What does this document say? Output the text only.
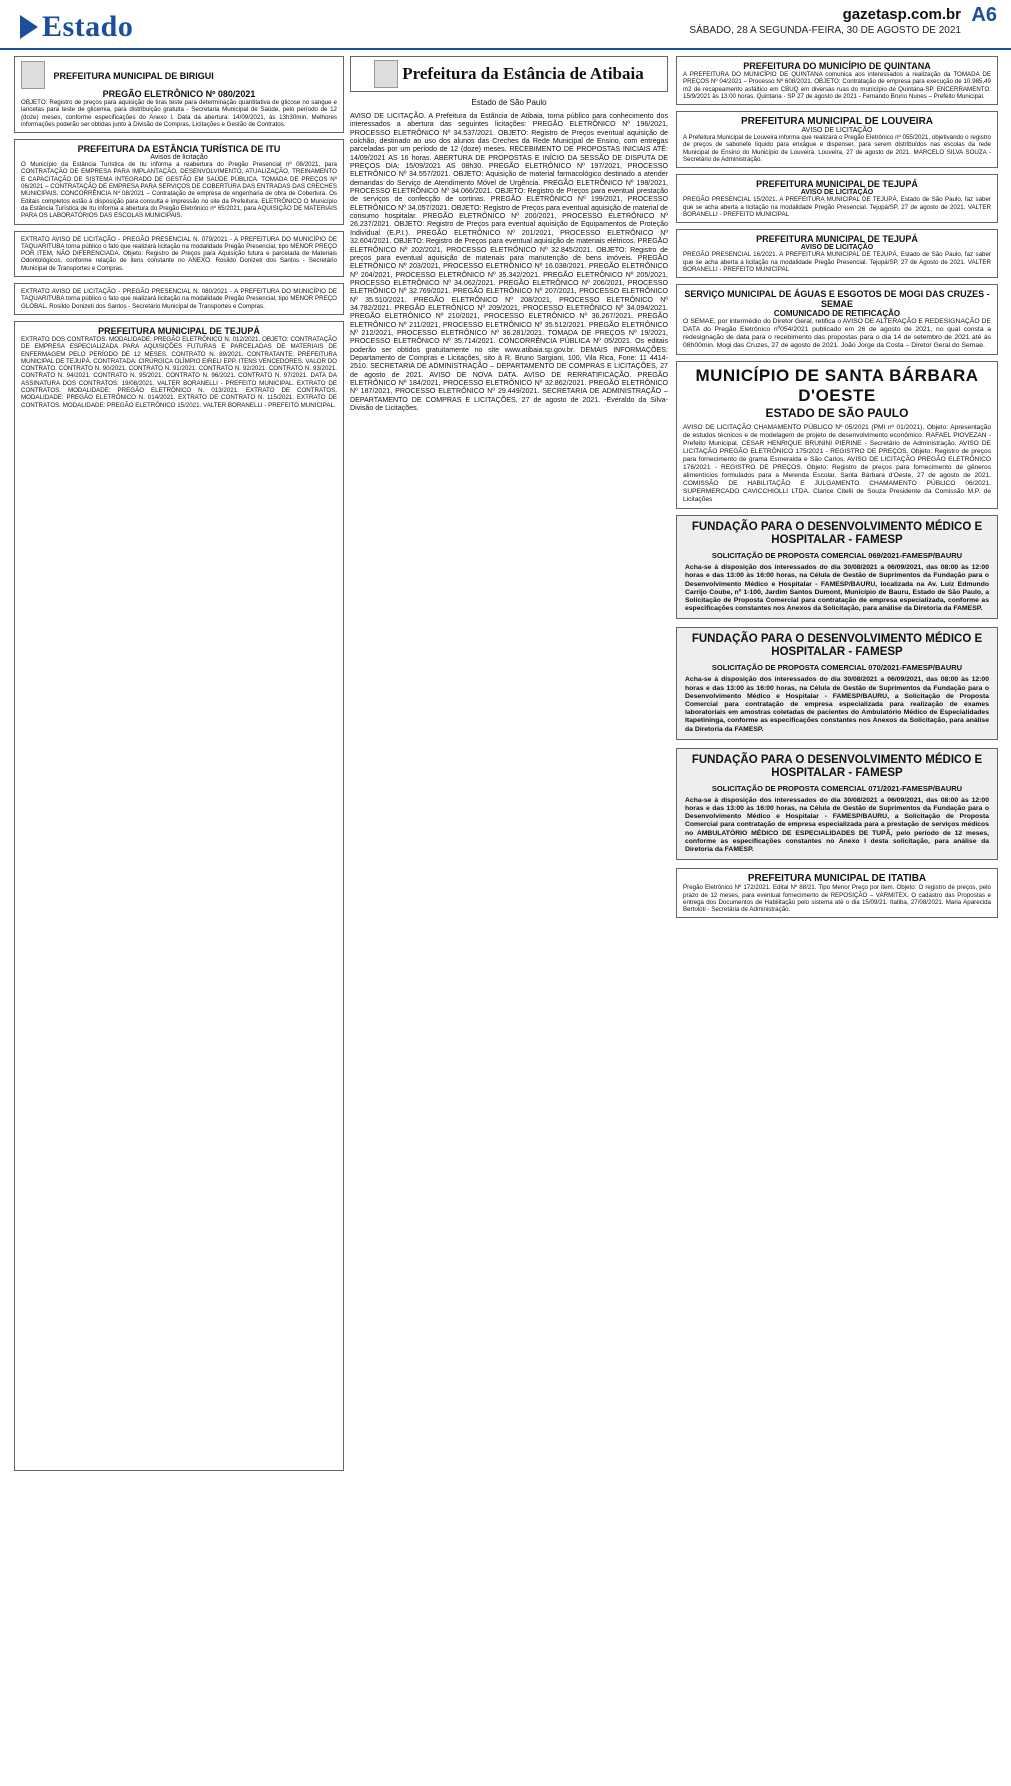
Estado	gazetasp.com.br
SÁBADO, 28 A SEGUNDA-FEIRA, 30 DE AGOSTO DE 2021
A6
PREFEITURA MUNICIPAL DE BIRIGUI
PREGÃO ELETRÔNICO Nº 080/2021
OBJETO: Registro de preços para aquisição de tiras teste para determinação quantitativa de glicose no sangue e lancetas para teste de glicemia, para distribuição gratuita - Secretaria Municipal de Saúde, pelo período de 12 (doze) meses, conforme especificações do Anexo I. Data da abertura: 14/09/2021, às 13h30min. Melhores informações poderão ser obtidas junto à Divisão de Compras, Licitações e Gestão de Contratos.
PREFEITURA DA ESTÂNCIA TURÍSTICA DE ITU
Avisos de licitação
O Município da Estância Turística de Itu informa a reabertura do Pregão Presencial nº 08/2021, para CONTRATAÇÃO DE EMPRESA PARA IMPLANTAÇÃO, DESENVOLVIMENTO, ATUALIZAÇÃO, TREINAMENTO E CAPACITAÇÃO DE SISTEMA INTEGRADO DE GESTÃO EM SAÚDE PÚBLICA. TOMADA DE PREÇOS Nº 06/2021 – CONTRATAÇÃO DE EMPRESA PARA SERVIÇOS DE COBERTURA DAS ENTRADAS DAS CRECHES MUNICIPAIS. CONCORRÊNCIA Nº 08/2021 – Contratação de empresa de engenharia de obra de Cobertura. Os Editais completos estão à disposição para consulta e impressão no site da Prefeitura. ELETRÔNICO O Município da Estância Turística de Itu informa a abertura do Pregão Eletrônico nº 65/2021, para AQUISIÇÃO DE MATERIAIS PARA OS LABORATÓRIOS DAS ESCOLAS MUNICIPAIS.
EXTRATO AVISO DE LICITAÇÃO - PREGÃO PRESENCIAL N. 079/2021 - A PREFEITURA DO MUNICÍPIO DE TAQUARITUBA torna público o fato que realizará licitação na modalidade Pregão Presencial, tipo MENOR PREÇO POR ITEM, NÃO DIFERENCIADA. Objeto: Registro de Preços para Aquisição futura e parcelada de Materiais Odontológicos, conforme relação de itens constante no ANEXO. Rosildo Donizeti dos Santos - Secretário Municipal de Transportes e Compras.
EXTRATO AVISO DE LICITAÇÃO - PREGÃO PRESENCIAL N. 080/2021 - A PREFEITURA DO MUNICÍPIO DE TAQUARITUBA torna público o fato que realizará licitação na modalidade Pregão Presencial, tipo MENOR PREÇO GLOBAL. Rosildo Donizeti dos Santos - Secretário Municipal de Transportes e Compras.
PREFEITURA MUNICIPAL DE TEJUPÁ
EXTRATO DOS CONTRATOS. MODALIDADE: PREGÃO ELETRÔNICO N. 012/2021. OBJETO: CONTRATAÇÃO DE EMPRESA ESPECIALIZADA PARA AQUISIÇÕES FUTURAS E PARCELADAS DE MATERIAIS DE ENFERMAGEM PELO PERÍODO DE 12 MESES. CONTRATO N. 89/2021. CONTRATANTE: PREFEITURA MUNICIPAL DE TEJUPÁ. CONTRATADA: CIRÚRGICA OLÍMPIO EIRELI EPP. ITENS VENCEDORES. VALOR DO CONTRATO. CONTRATO N. 90/2021. CONTRATO N. 91/2021. CONTRATO N. 92/2021. CONTRATO N. 93/2021. CONTRATO N. 94/2021. CONTRATO N. 95/2021. CONTRATO N. 96/2021. CONTRATO N. 97/2021. DATA DA ASSINATURA DOS CONTRATOS: 19/08/2021. VALTER BORANELLI - PREFEITO MUNICIPAL. EXTRATO DE CONTRATOS. MODALIDADE: PREGÃO ELETRÔNICO N. 013/2021. EXTRATO DE CONTRATOS. MODALIDADE: PREGÃO ELETRÔNICO N. 014/2021. EXTRATO DE CONTRATO N. 115/2021. EXTRATO DE CONTRATOS. MODALIDADE: PREGÃO ELETRÔNICO 15/2021. VALTER BORANELLI - PREFEITO MUNICIPAL.
Prefeitura da Estância de Atibaia
Estado de São Paulo
AVISO DE LICITAÇÃO. A Prefeitura da Estância de Atibaia, torna público para conhecimento dos interessados a abertura das seguintes licitações: PREGÃO ELETRÔNICO Nº 196/2021, PROCESSO ELETRÔNICO Nº 34.537/2021. OBJETO: Registro de Preços eventual aquisição de colchão, destinado ao uso dos alunos das Creches da Rede Municipal de Ensino, com entregas parceladas por um período de 12 (doze) meses. RECEBIMENTO DE PROPOSTAS INICIAIS ATÉ: 14/09/2021 AS 16 horas. ABERTURA DE PROPOSTAS E INÍCIO DA SESSÃO DE DISPUTA DE PREÇOS DIA: 15/09/2021 AS 08h30. PREGÃO ELETRÔNICO Nº 197/2021, PROCESSO ELETRÔNICO Nº 34.557/2021. OBJETO: Aquisição de material farmacológico destinado a atender demandas do Serviço de Atendimento Móvel de Urgência. PREGÃO ELETRÔNICO Nº 198/2021, PROCESSO ELETRÔNICO Nº 34.066/2021. OBJETO: Registro de Preços para eventual prestação de serviços de confecção de cortinas. PREGÃO ELETRÔNICO Nº 199/2021, PROCESSO ELETRÔNICO Nº 34.057/2021. OBJETO: Registro de Preços para eventual aquisição de material de consumo hospitalar. PREGÃO ELETRÔNICO Nº 200/2021, PROCESSO ELETRÔNICO Nº 26.237/2021. OBJETO: Registro de Preços para eventual aquisição de Equipamentos de Proteção Individual (E.P.I.). PREGÃO ELETRÔNICO Nº 201/2021, PROCESSO ELETRÔNICO Nº 32.604/2021. OBJETO: Registro de Preços para eventual aquisição de materiais elétricos. PREGÃO ELETRÔNICO Nº 202/2021, PROCESSO ELETRÔNICO Nº 32.845/2021. OBJETO: Registro de preços para eventual aquisição de materiais para manutenção de bens imóveis. PREGÃO ELETRÔNICO Nº 203/2021, PROCESSO ELETRÔNICO Nº 16.038/2021. PREGÃO ELETRÔNICO Nº 204/2021, PROCESSO ELETRÔNICO Nº 35.342/2021. PREGÃO ELETRÔNICO Nº 205/2021, PROCESSO ELETRÔNICO Nº 34.062/2021. PREGÃO ELETRÔNICO Nº 206/2021, PROCESSO ELETRÔNICO Nº 32.769/2021. PREGÃO ELETRÔNICO Nº 207/2021, PROCESSO ELETRÔNICO Nº 35.510/2021. PREGÃO ELETRÔNICO Nº 208/2021, PROCESSO ELETRÔNICO Nº 34.782/2021. PREGÃO ELETRÔNICO Nº 209/2021, PROCESSO ELETRÔNICO Nº 34.094/2021. PREGÃO ELETRÔNICO Nº 210/2021, PROCESSO ELETRÔNICO Nº 36.267/2021. PREGÃO ELETRÔNICO Nº 211/2021, PROCESSO ELETRÔNICO Nº 35.512/2021. PREGÃO ELETRÔNICO Nº 212/2021, PROCESSO ELETRÔNICO Nº 36.281/2021. TOMADA DE PREÇOS Nº 19/2021, PROCESSO ELETRÔNICO Nº 35.714/2021. CONCORRÊNCIA PÚBLICA Nº 05/2021. Os editais poderão ser obtidos gratuitamente no site www.atibaia.sp.gov.br. DEMAIS INFORMAÇÕES: Departamento de Compras e Licitações, sito à R. Bruno Sargiani, 100, Vila Rica, Fone: 11 4414-2510. SECRETARIA DE ADMINISTRAÇÃO – DEPARTAMENTO DE COMPRAS E LICITAÇÕES, 27 de agosto de 2021. AVISO DE NOVA DATA. AVISO DE RERRATIFICAÇÃO. PREGÃO ELETRÔNICO Nº 184/2021, PROCESSO ELETRÔNICO Nº 32.862/2021. PREGÃO ELETRÔNICO Nº 187/2021, PROCESSO ELETRÔNICO Nº 29.449/2021. SECRETARIA DE ADMINISTRAÇÃO – DEPARTAMENTO DE COMPRAS E LICITAÇÕES, 27 de agosto de 2021. -Everaldo da Silva- Divisão de Licitações.
PREFEITURA DO MUNICÍPIO DE QUINTANA
A PREFEITURA DO MUNICÍPIO DE QUINTANA comunica aos interessados a realização da TOMADA DE PREÇOS Nº 04/2021 – Processo Nº 608/2021. OBJETO: Contratação de empresa para execução de 10.985,49 m2 de recapeamento asfáltico em CBUQ em diversas ruas do município de Quintana-SP. ENCERRAMENTO: 15/9/2021 às 13:00 horas. Quintana - SP 27 de agosto de 2021 - Fernando Bruno Nunes – Prefeito Municipal.
PREFEITURA MUNICIPAL DE LOUVEIRA
AVISO DE LICITAÇÃO
A Prefeitura Municipal de Louveira informa que realizará o Pregão Eletrônico nº 055/2021, objetivando o registro de preços de sabonete líquido para enxágue e dispenser, para serem distribuídos nas escolas da rede Municipal de Ensino do Município de Louveira. Louveira, 27 de agosto de 2021. MARCELO SILVA SOUZA - Secretário de Administração.
PREFEITURA MUNICIPAL DE TEJUPÁ
AVISO DE LICITAÇÃO
PREGÃO PRESENCIAL 15/2021. A PREFEITURA MUNICIPAL DE TEJUPÁ, Estado de São Paulo, faz saber que se acha aberta a licitação na modalidade Pregão Presencial. Tejupá/SP, 27 de agosto de 2021. VALTER BORANELLI - PREFEITO MUNICIPAL
PREFEITURA MUNICIPAL DE TEJUPÁ
AVISO DE LICITAÇÃO
PREGÃO PRESENCIAL 16/2021. A PREFEITURA MUNICIPAL DE TEJUPÁ, Estado de São Paulo, faz saber que se acha aberta a licitação na modalidade Pregão Presencial. Tejupá/SP, 27 de Agosto de 2021. VALTER BORANELLI - PREFEITO MUNICIPAL
SERVIÇO MUNICIPAL DE ÁGUAS E ESGOTOS DE MOGI DAS CRUZES - SEMAE
COMUNICADO DE RETIFICAÇÃO
O SEMAE, por intermédio do Diretor Geral, retifica o AVISO DE ALTERAÇÃO E REDESIGNAÇÃO DE DATA do Pregão Eletrônico nº054/2021 publicado em 26 de agosto de 2021, no qual consta a redesignação de data para o recebimento das propostas para o dia 14 de setembro de 2021 até às 08h00min. Mogi das Cruzes, 27 de agosto de 2021. João Jorge da Costa – Diretor Geral do Semae.
MUNICÍPIO DE SANTA BÁRBARA D'OESTE
ESTADO DE SÃO PAULO
AVISO DE LICITAÇÃO CHAMAMENTO PÚBLICO Nº 05/2021 (PMI nº 01/2021). Objeto: Apresentação de estudos técnicos e de modelagem de projeto de desenvolvimento econômico. RAFAEL PIOVEZAN - Prefeito Municipal. CESAR HENRIQUE BRUNINI PIERINE - Secretário de Administração. AVISO DE LICITAÇÃO PREGÃO ELETRÔNICO 175/2021 - REGISTRO DE PREÇOS. Objeto: Registro de preços para fornecimento de grama Esmeralda e São Carlos. AVISO DE LICITAÇÃO PREGÃO ELETRÔNICO 176/2021 - REGISTRO DE PREÇOS. Objeto: Registro de preços para fornecimento de gêneros alimentícios formulados para a Merenda Escolar. Santa Bárbara d'Oeste, 27 de agosto de 2021. COMISSÃO DE HABILITAÇÃO E JULGAMENTO CHAMAMENTO PÚBLICO 06/2021. SUPERMERCADO CAVICCHIOLLI LTDA. Clarice Citelli de Souza Presidente da Comissão M.P. de Licitações
FUNDAÇÃO PARA O DESENVOLVIMENTO MÉDICO E HOSPITALAR - FAMESP
SOLICITAÇÃO DE PROPOSTA COMERCIAL 069/2021-FAMESP/BAURU
Acha-se à disposição dos interessados do dia 30/08/2021 a 06/09/2021, das 08:00 às 12:00 horas e das 13:00 às 16:00 horas, na Célula de Gestão de Suprimentos da Fundação para o Desenvolvimento Médico e Hospitalar - FAMESP/BAURU, localizada na Av. Luiz Edmundo Carrijo Coube, nº 1-100, Jardim Santos Dumont, Município de Bauru, Estado de São Paulo, a Solicitação de Proposta Comercial para contratação de empresa especializada, conforme as especificações constantes nos Anexos da Solicitação, para análise da Diretoria da FAMESP.
FUNDAÇÃO PARA O DESENVOLVIMENTO MÉDICO E HOSPITALAR - FAMESP
SOLICITAÇÃO DE PROPOSTA COMERCIAL 070/2021-FAMESP/BAURU
Acha-se à disposição dos interessados do dia 30/08/2021 a 06/09/2021, das 08:00 às 12:00 horas e das 13:00 às 16:00 horas, na Célula de Gestão de Suprimentos da Fundação para o Desenvolvimento Médico e Hospitalar - FAMESP/BAURU, a Solicitação de Proposta Comercial para contratação de empresa especializada para realização de exames laboratoriais em amostras coletadas de pacientes do Ambulatório Médico de Especialidades Itapetininga, conforme as especificações constantes nos Anexos da Solicitação, para análise da Diretoria da FAMESP.
FUNDAÇÃO PARA O DESENVOLVIMENTO MÉDICO E HOSPITALAR - FAMESP
SOLICITAÇÃO DE PROPOSTA COMERCIAL 071/2021-FAMESP/BAURU
Acha-se à disposição dos interessados do dia 30/08/2021 a 06/09/2021, das 08:00 às 12:00 horas e das 13:00 às 16:00 horas, na Célula de Gestão de Suprimentos da Fundação para o Desenvolvimento Médico e Hospitalar - FAMESP/BAURU, a Solicitação de Proposta Comercial para contratação de empresa especializada para a prestação de serviços médicos no AMBULATÓRIO MÉDICO DE ESPECIALIDADES DE TUPÃ, pelo período de 12 meses, conforme as especificações constantes no Anexo I desta solicitação, para análise da Diretoria da FAMESP.
PREFEITURA MUNICIPAL DE ITATIBA
Pregão Eletrônico Nº 172/2021. Edital Nº 88/21. Tipo Menor Preço por item. Objeto: O registro de preços, pelo prazo de 12 meses, para eventual fornecimento de REPOSIÇÃO – VARMITEX. O cadastro das Propostas e entrega dos Documentos de Habilitação pelo sistema até o dia 15/09/21. Itatiba, 27/08/2021. Maria Aparecida Bertoloti - Secretária de Administração.
